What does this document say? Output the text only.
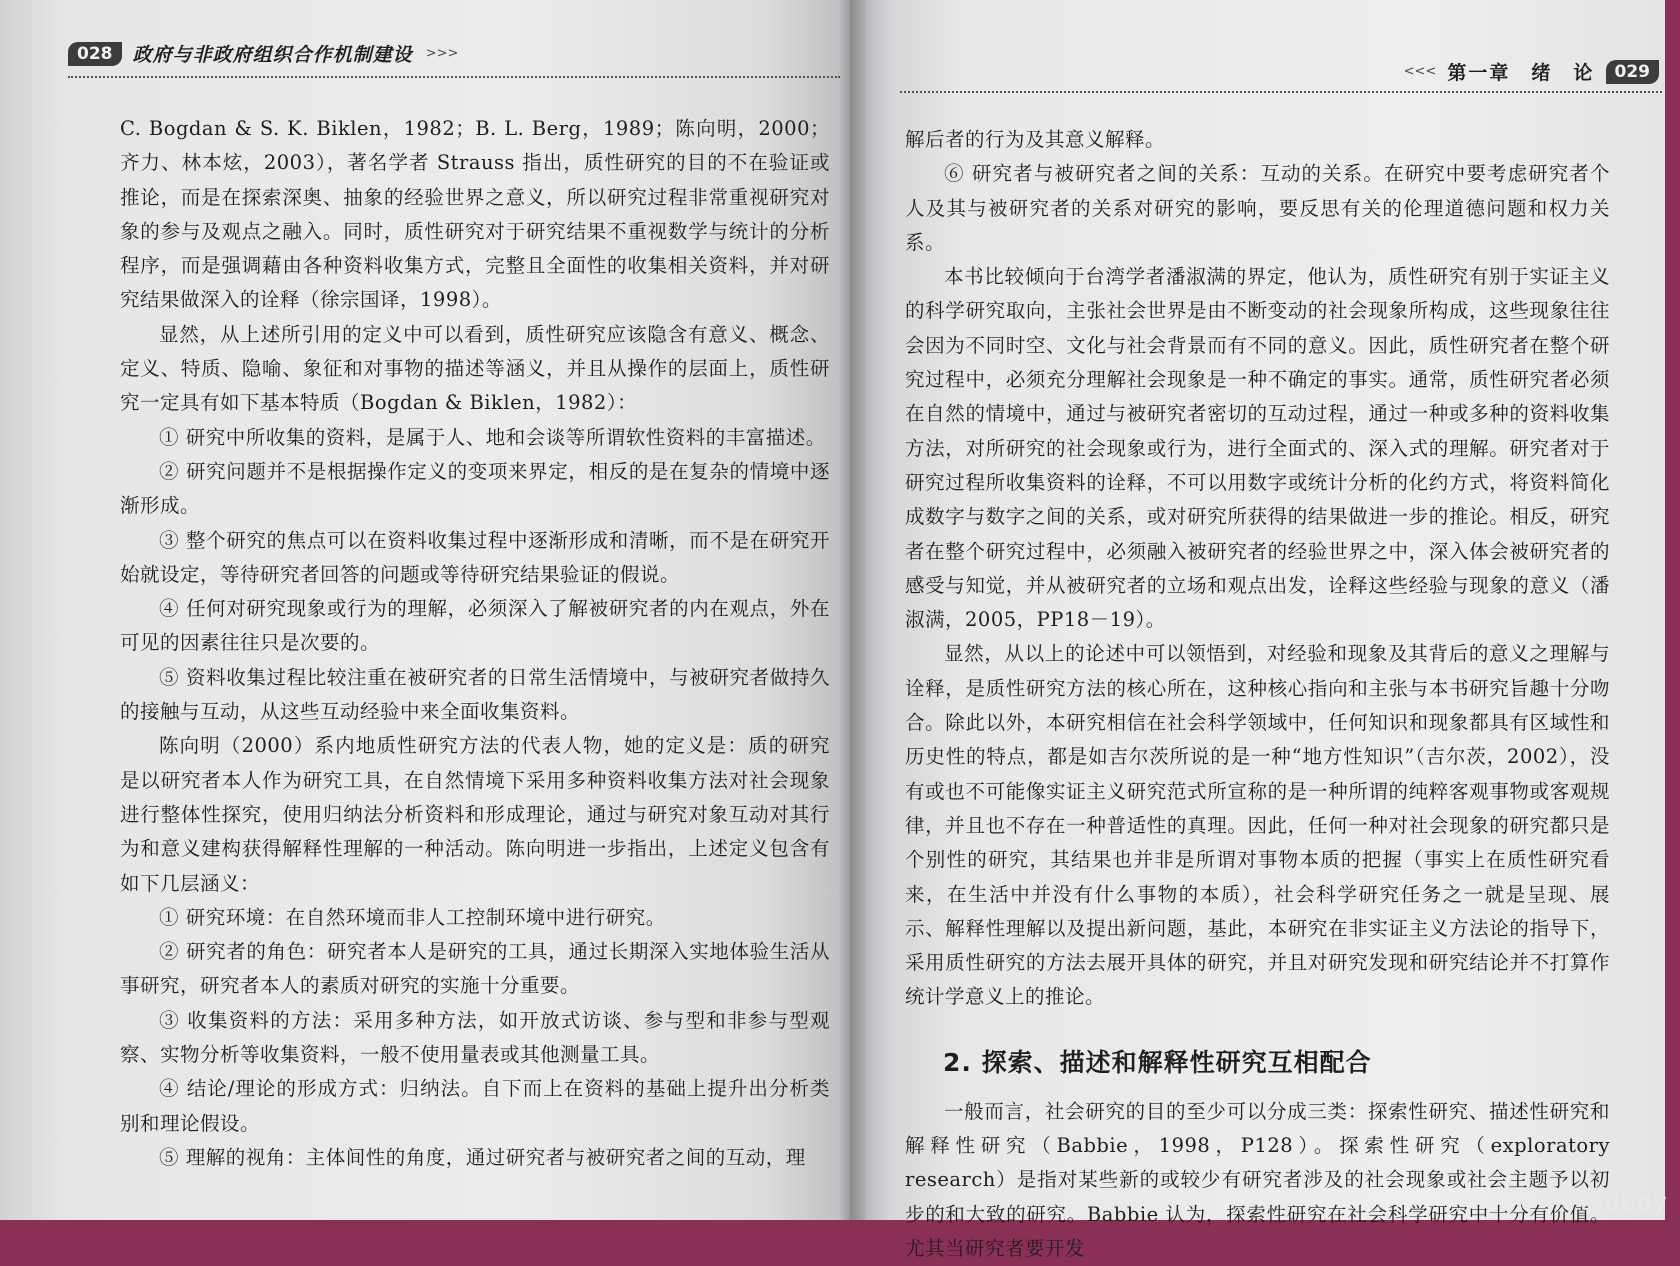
028 政府与非政府组织合作机制建设 >>>
<<< 第一章　绪　论 029

C. Bogdan & S. K. Biklen，1982；B. L. Berg，1989；陈向明，2000；齐力、林本炫，2003），著名学者 Strauss 指出，质性研究的目的不在验证或推论，而是在探索深奥、抽象的经验世界之意义，所以研究过程非常重视研究对象的参与及观点之融入。同时，质性研究对于研究结果不重视数学与统计的分析程序，而是强调藉由各种资料收集方式，完整且全面性的收集相关资料，并对研究结果做深入的诠释（徐宗国译，1998）。

显然，从上述所引用的定义中可以看到，质性研究应该隐含有意义、概念、定义、特质、隐喻、象征和对事物的描述等涵义，并且从操作的层面上，质性研究一定具有如下基本特质（Bogdan & Biklen，1982）：

① 研究中所收集的资料，是属于人、地和会谈等所谓软性资料的丰富描述。

② 研究问题并不是根据操作定义的变项来界定，相反的是在复杂的情境中逐渐形成。

③ 整个研究的焦点可以在资料收集过程中逐渐形成和清晰，而不是在研究开始就设定，等待研究者回答的问题或等待研究结果验证的假说。

④ 任何对研究现象或行为的理解，必须深入了解被研究者的内在观点，外在可见的因素往往只是次要的。

⑤ 资料收集过程比较注重在被研究者的日常生活情境中，与被研究者做持久的接触与互动，从这些互动经验中来全面收集资料。

陈向明（2000）系内地质性研究方法的代表人物，她的定义是：质的研究是以研究者本人作为研究工具，在自然情境下采用多种资料收集方法对社会现象进行整体性探究，使用归纳法分析资料和形成理论，通过与研究对象互动对其行为和意义建构获得解释性理解的一种活动。陈向明进一步指出，上述定义包含有如下几层涵义：

① 研究环境：在自然环境而非人工控制环境中进行研究。

② 研究者的角色：研究者本人是研究的工具，通过长期深入实地体验生活从事研究，研究者本人的素质对研究的实施十分重要。

③ 收集资料的方法：采用多种方法，如开放式访谈、参与型和非参与型观察、实物分析等收集资料，一般不使用量表或其他测量工具。

④ 结论/理论的形成方式：归纳法。自下而上在资料的基础上提升出分析类别和理论假设。

⑤ 理解的视角：主体间性的角度，通过研究者与被研究者之间的互动，理

解后者的行为及其意义解释。

⑥ 研究者与被研究者之间的关系：互动的关系。在研究中要考虑研究者个人及其与被研究者的关系对研究的影响，要反思有关的伦理道德问题和权力关系。

本书比较倾向于台湾学者潘淑满的界定，他认为，质性研究有别于实证主义的科学研究取向，主张社会世界是由不断变动的社会现象所构成，这些现象往往会因为不同时空、文化与社会背景而有不同的意义。因此，质性研究者在整个研究过程中，必须充分理解社会现象是一种不确定的事实。通常，质性研究者必须在自然的情境中，通过与被研究者密切的互动过程，通过一种或多种的资料收集方法，对所研究的社会现象或行为，进行全面式的、深入式的理解。研究者对于研究过程所收集资料的诠释，不可以用数字或统计分析的化约方式，将资料简化成数字与数字之间的关系，或对研究所获得的结果做进一步的推论。相反，研究者在整个研究过程中，必须融入被研究者的经验世界之中，深入体会被研究者的感受与知觉，并从被研究者的立场和观点出发，诠释这些经验与现象的意义（潘淑满，2005，PP18－19）。

显然，从以上的论述中可以领悟到，对经验和现象及其背后的意义之理解与诠释，是质性研究方法的核心所在，这种核心指向和主张与本书研究旨趣十分吻合。除此以外，本研究相信在社会科学领域中，任何知识和现象都具有区域性和历史性的特点，都是如吉尔茨所说的是一种“地方性知识”（吉尔茨，2002），没有或也不可能像实证主义研究范式所宣称的是一种所谓的纯粹客观事物或客观规律，并且也不存在一种普适性的真理。因此，任何一种对社会现象的研究都只是个别性的研究，其结果也并非是所谓对事物本质的把握（事实上在质性研究看来，在生活中并没有什么事物的本质），社会科学研究任务之一就是呈现、展示、解释性理解以及提出新问题，基此，本研究在非实证主义方法论的指导下，采用质性研究的方法去展开具体的研究，并且对研究发现和研究结论并不打算作统计学意义上的推论。

2. 探索、描述和解释性研究互相配合

一般而言，社会研究的目的至少可以分成三类：探索性研究、描述性研究和解释性研究（Babbie，1998，P128）。探索性研究（exploratory research）是指对某些新的或较少有研究者涉及的社会现象或社会主题予以初步的和大致的研究。Babbie 认为，探索性研究在社会科学研究中十分有价值。尤其当研究者要开发

cruboy
